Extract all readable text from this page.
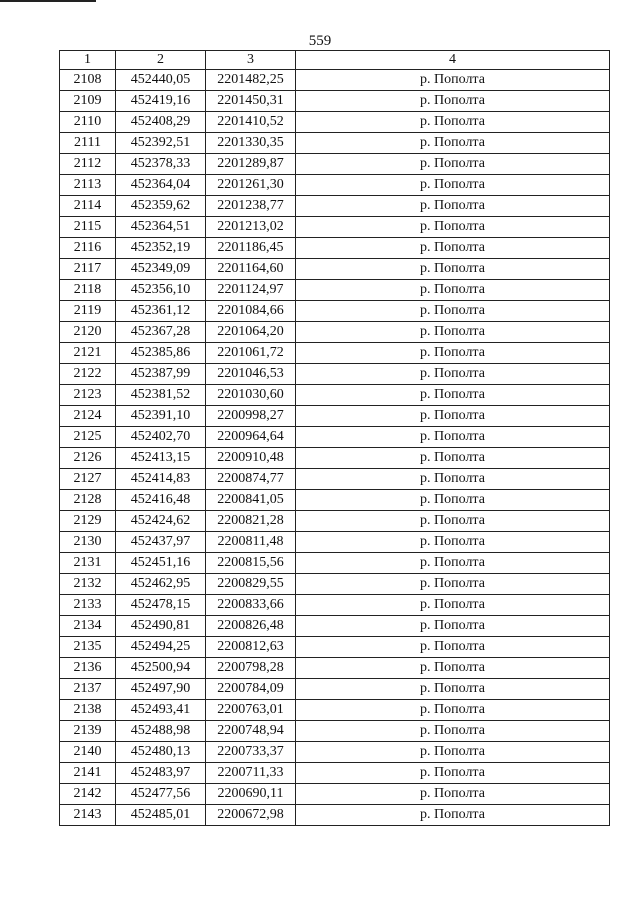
559
1	2	3	4
2108	452440,05	2201482,25	р. Пополта
2109	452419,16	2201450,31	р. Пополта
2110	452408,29	2201410,52	р. Пополта
2111	452392,51	2201330,35	р. Пополта
2112	452378,33	2201289,87	р. Пополта
2113	452364,04	2201261,30	р. Пополта
2114	452359,62	2201238,77	р. Пополта
2115	452364,51	2201213,02	р. Пополта
2116	452352,19	2201186,45	р. Пополта
2117	452349,09	2201164,60	р. Пополта
2118	452356,10	2201124,97	р. Пополта
2119	452361,12	2201084,66	р. Пополта
2120	452367,28	2201064,20	р. Пополта
2121	452385,86	2201061,72	р. Пополта
2122	452387,99	2201046,53	р. Пополта
2123	452381,52	2201030,60	р. Пополта
2124	452391,10	2200998,27	р. Пополта
2125	452402,70	2200964,64	р. Пополта
2126	452413,15	2200910,48	р. Пополта
2127	452414,83	2200874,77	р. Пополта
2128	452416,48	2200841,05	р. Пополта
2129	452424,62	2200821,28	р. Пополта
2130	452437,97	2200811,48	р. Пополта
2131	452451,16	2200815,56	р. Пополта
2132	452462,95	2200829,55	р. Пополта
2133	452478,15	2200833,66	р. Пополта
2134	452490,81	2200826,48	р. Пополта
2135	452494,25	2200812,63	р. Пополта
2136	452500,94	2200798,28	р. Пополта
2137	452497,90	2200784,09	р. Пополта
2138	452493,41	2200763,01	р. Пополта
2139	452488,98	2200748,94	р. Пополта
2140	452480,13	2200733,37	р. Пополта
2141	452483,97	2200711,33	р. Пополта
2142	452477,56	2200690,11	р. Пополта
2143	452485,01	2200672,98	р. Пополта
